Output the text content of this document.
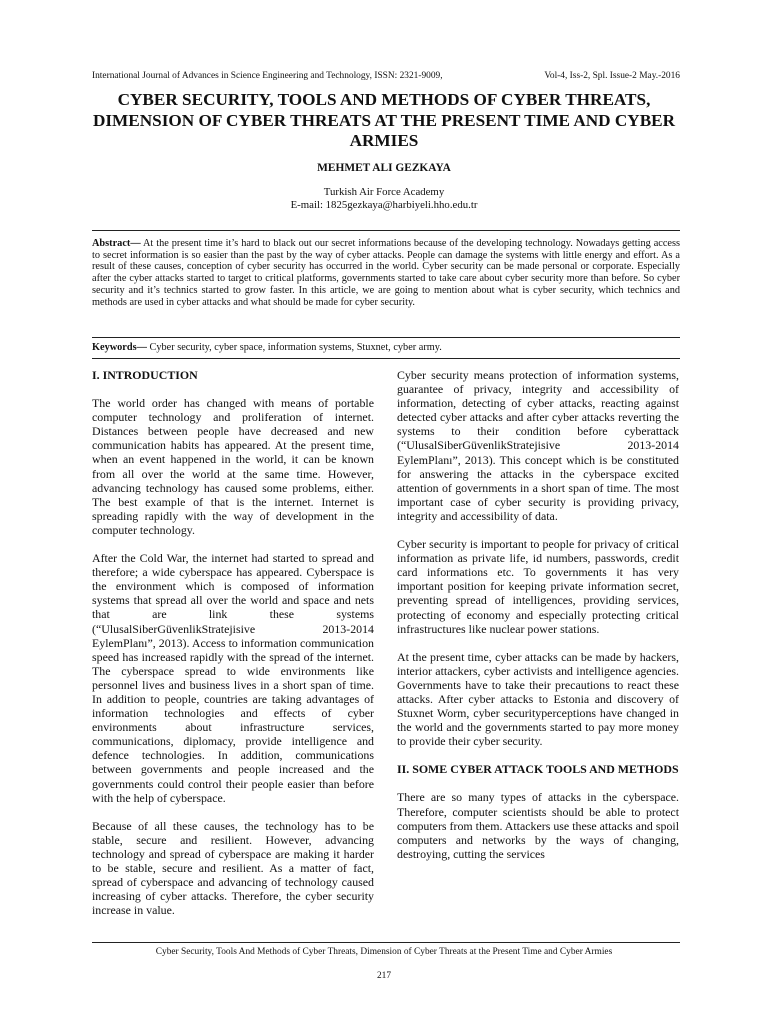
International Journal of Advances in Science Engineering and Technology, ISSN: 2321-9009,	Vol-4, Iss-2, Spl. Issue-2 May.-2016
CYBER SECURITY, TOOLS AND METHODS OF CYBER THREATS, DIMENSION OF CYBER THREATS AT THE PRESENT TIME AND CYBER ARMIES
MEHMET ALI GEZKAYA
Turkish Air Force Academy
E-mail: 1825gezkaya@harbiyeli.hho.edu.tr

Abstract— At the present time it’s hard to black out our secret informations because of the developing technology. Nowadays getting access to secret information is so easier than the past by the way of cyber attacks. People can damage the systems with little energy and effort. As a result of these causes, conception of cyber security has occurred in the world. Cyber security can be made personal or corporate. Especially after the cyber attacks started to target to critical platforms, governments started to take care about cyber security more than before. So cyber security and it’s technics started to grow faster. In this article, we are going to mention about what is cyber security, which technics and methods are used in cyber attacks and what should be made for cyber security.

Keywords— Cyber security, cyber space, information systems, Stuxnet, cyber army.

I. INTRODUCTION

The world order has changed with means of portable computer technology and proliferation of internet. Distances between people have decreased and new communication habits has appeared. At the present time, when an event happened in the world, it can be known from all over the world at the same time. However, advancing technology has caused some problems, either. The best example of that is the internet. Internet is spreading rapidly with the way of development in the computer technology.

After the Cold War, the internet had started to spread and therefore; a wide cyberspace has appeared. Cyberspace is the environment which is composed of information systems that spread all over the world and space and nets that are link these systems (“UlusalSiberGüvenlikStratejisive 2013-2014 EylemPlanı”, 2013). Access to information communication speed has increased rapidly with the spread of the internet. The cyberspace spread to wide environments like personnel lives and business lives in a short span of time. In addition to people, countries are taking advantages of information technologies and effects of cyber environments about infrastructure services, communications, diplomacy, provide intelligence and defence technologies. In addition, communications between governments and people increased and the governments could control their people easier than before with the help of cyberspace.

Because of all these causes, the technology has to be stable, secure and resilient. However, advancing technology and spread of cyberspace are making it harder to be stable, secure and resilient. As a matter of fact, spread of cyberspace and advancing of technology caused increasing of cyber attacks. Therefore, the cyber security increase in value.

Cyber security means protection of information systems, guarantee of privacy, integrity and accessibility of information, detecting of cyber attacks, reacting against detected cyber attacks and after cyber attacks reverting the systems to their condition before cyberattack (“UlusalSiberGüvenlikStratejisive 2013-2014 EylemPlanı”, 2013). This concept which is be constituted for answering the attacks in the cyberspace excited attention of governments in a short span of time. The most important case of cyber security is providing privacy, integrity and accessibility of data.

Cyber security is important to people for privacy of critical information as private life, id numbers, passwords, credit card informations etc. To governments it has very important position for keeping private information secret, preventing spread of intelligences, providing services, protecting of economy and especially protecting critical infrastructures like nuclear power stations.

At the present time, cyber attacks can be made by hackers, interior attackers, cyber activists and intelligence agencies. Governments have to take their precautions to react these attacks. After cyber attacks to Estonia and discovery of Stuxnet Worm, cyber securityperceptions have changed in the world and the governments started to pay more money to provide their cyber security.

II. SOME CYBER ATTACK TOOLS AND METHODS

There are so many types of attacks in the cyberspace. Therefore, computer scientists should be able to protect computers from them. Attackers use these attacks and spoil computers and networks by the ways of changing, destroying, cutting the services

Cyber Security, Tools And Methods of Cyber Threats, Dimension of Cyber Threats at the Present Time and Cyber Armies
217
